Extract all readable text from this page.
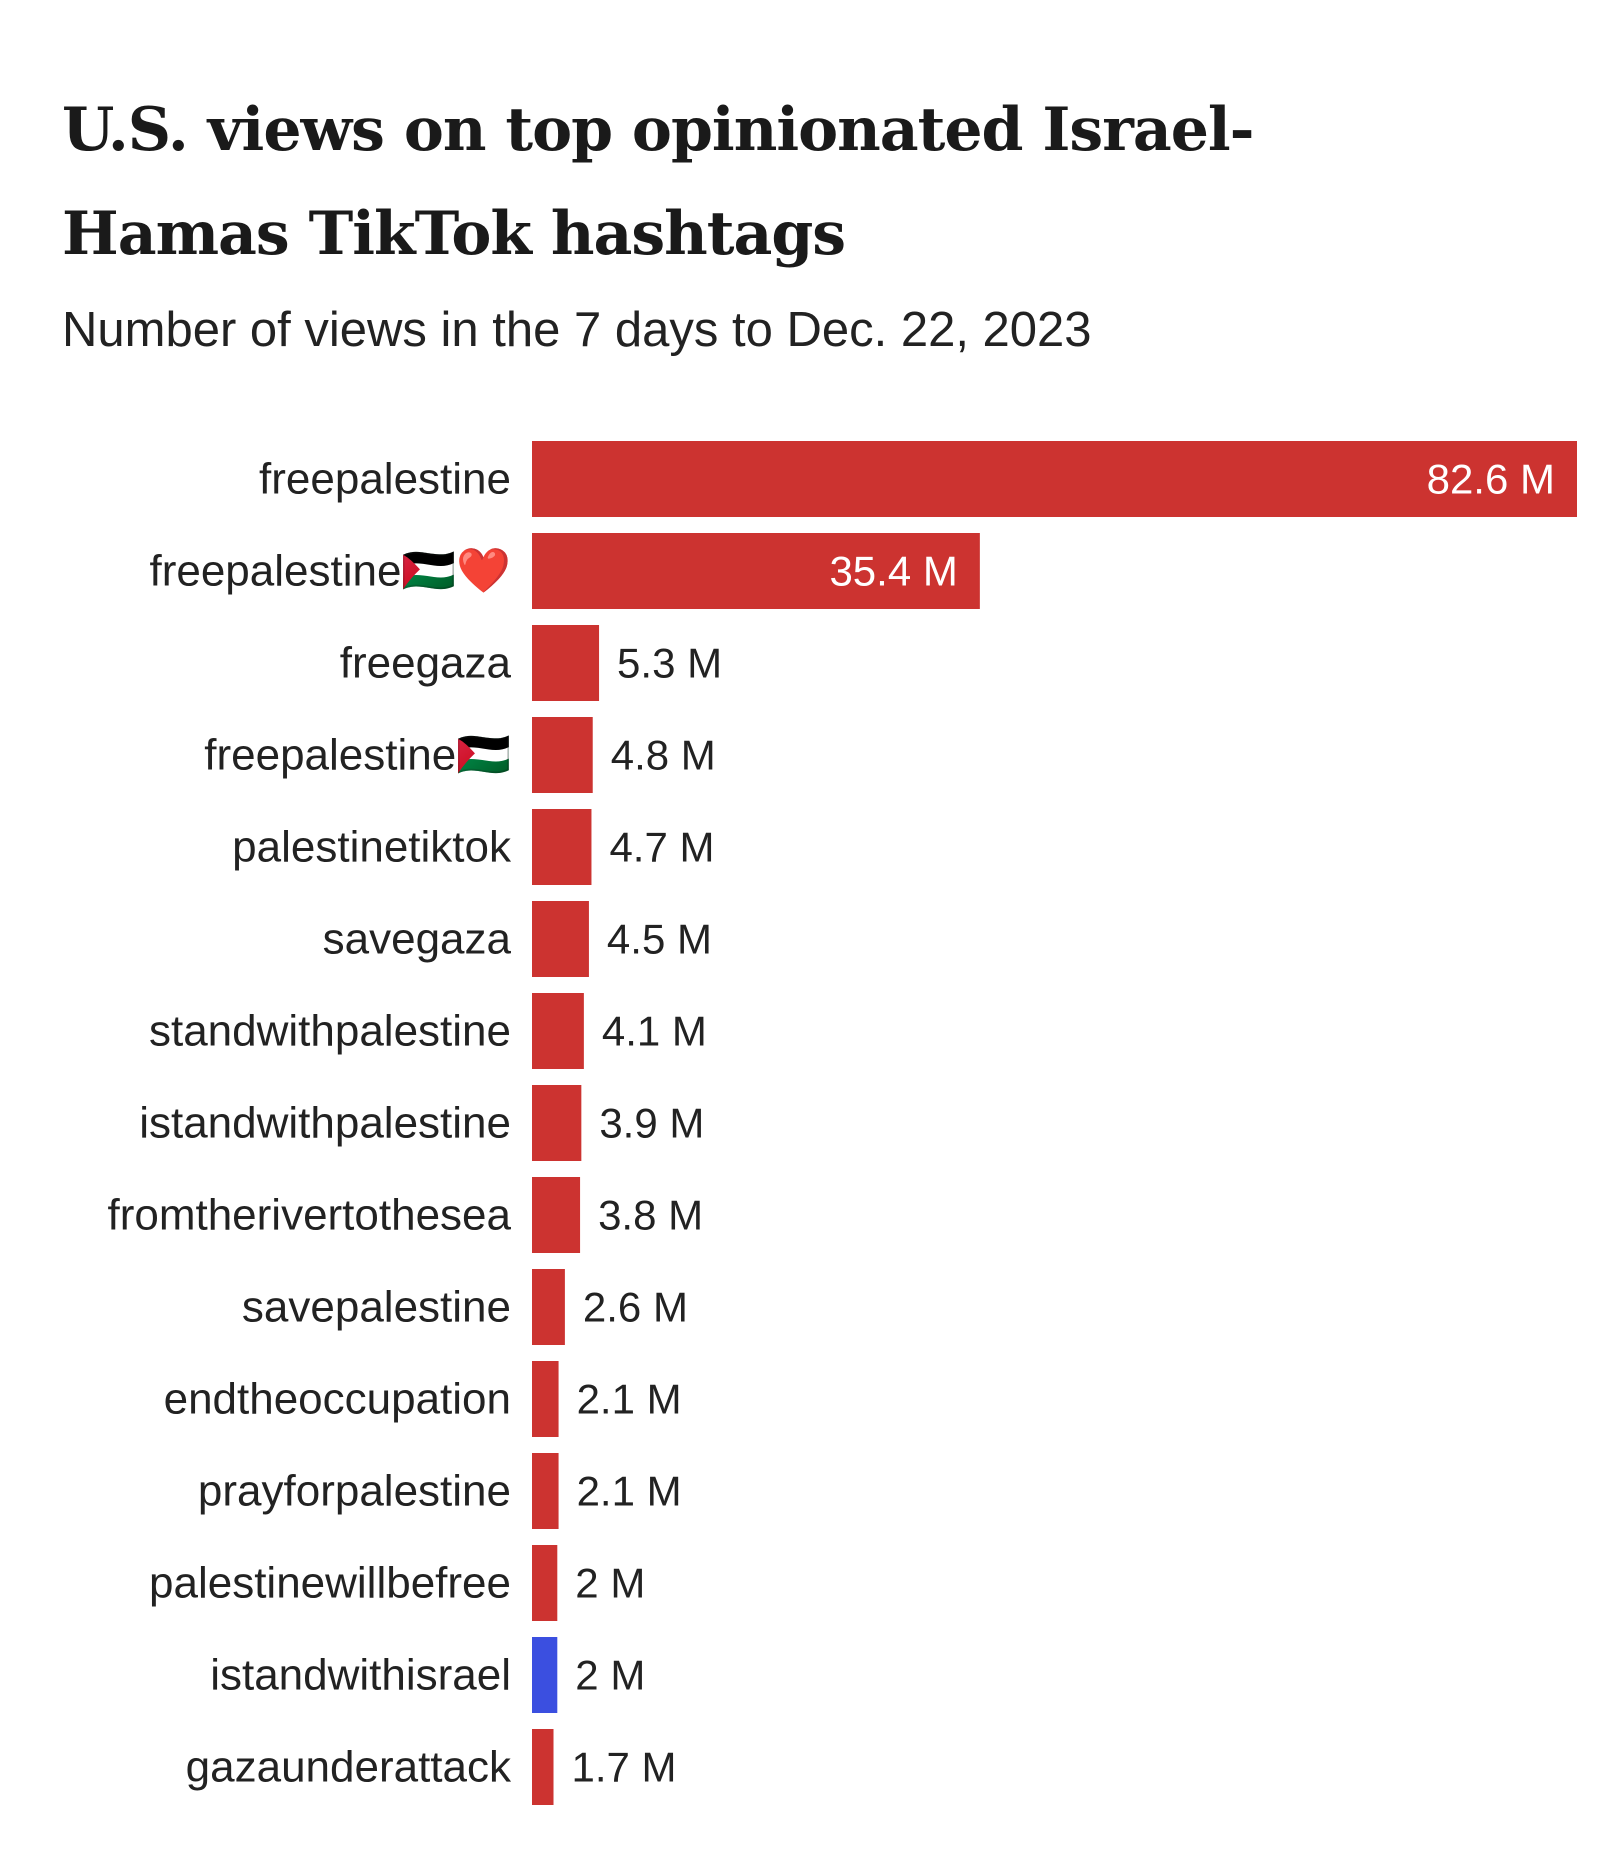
U.S. views on top opinionated Israel-
Hamas TikTok hashtags

Number of views in the 7 days to Dec. 22, 2023

freepalestine	82.6 M
freepalestine🇵🇸❤️	35.4 M
freegaza	5.3 M
freepalestine🇵🇸 4.8 M
palestinetiktok 4.7 M
savegaza 4.5 M
standwithpalestine 4.1 M
istandwithpalestine 3.9 M
fromtherivertothesea 3.8 M
savepalestine 2.6 M
endtheoccupation 2.1 M
prayforpalestine 2.1 M
palestinewillbefree 2 M
istandwithisrael 2 M
gazaunderattack 1.7 M
